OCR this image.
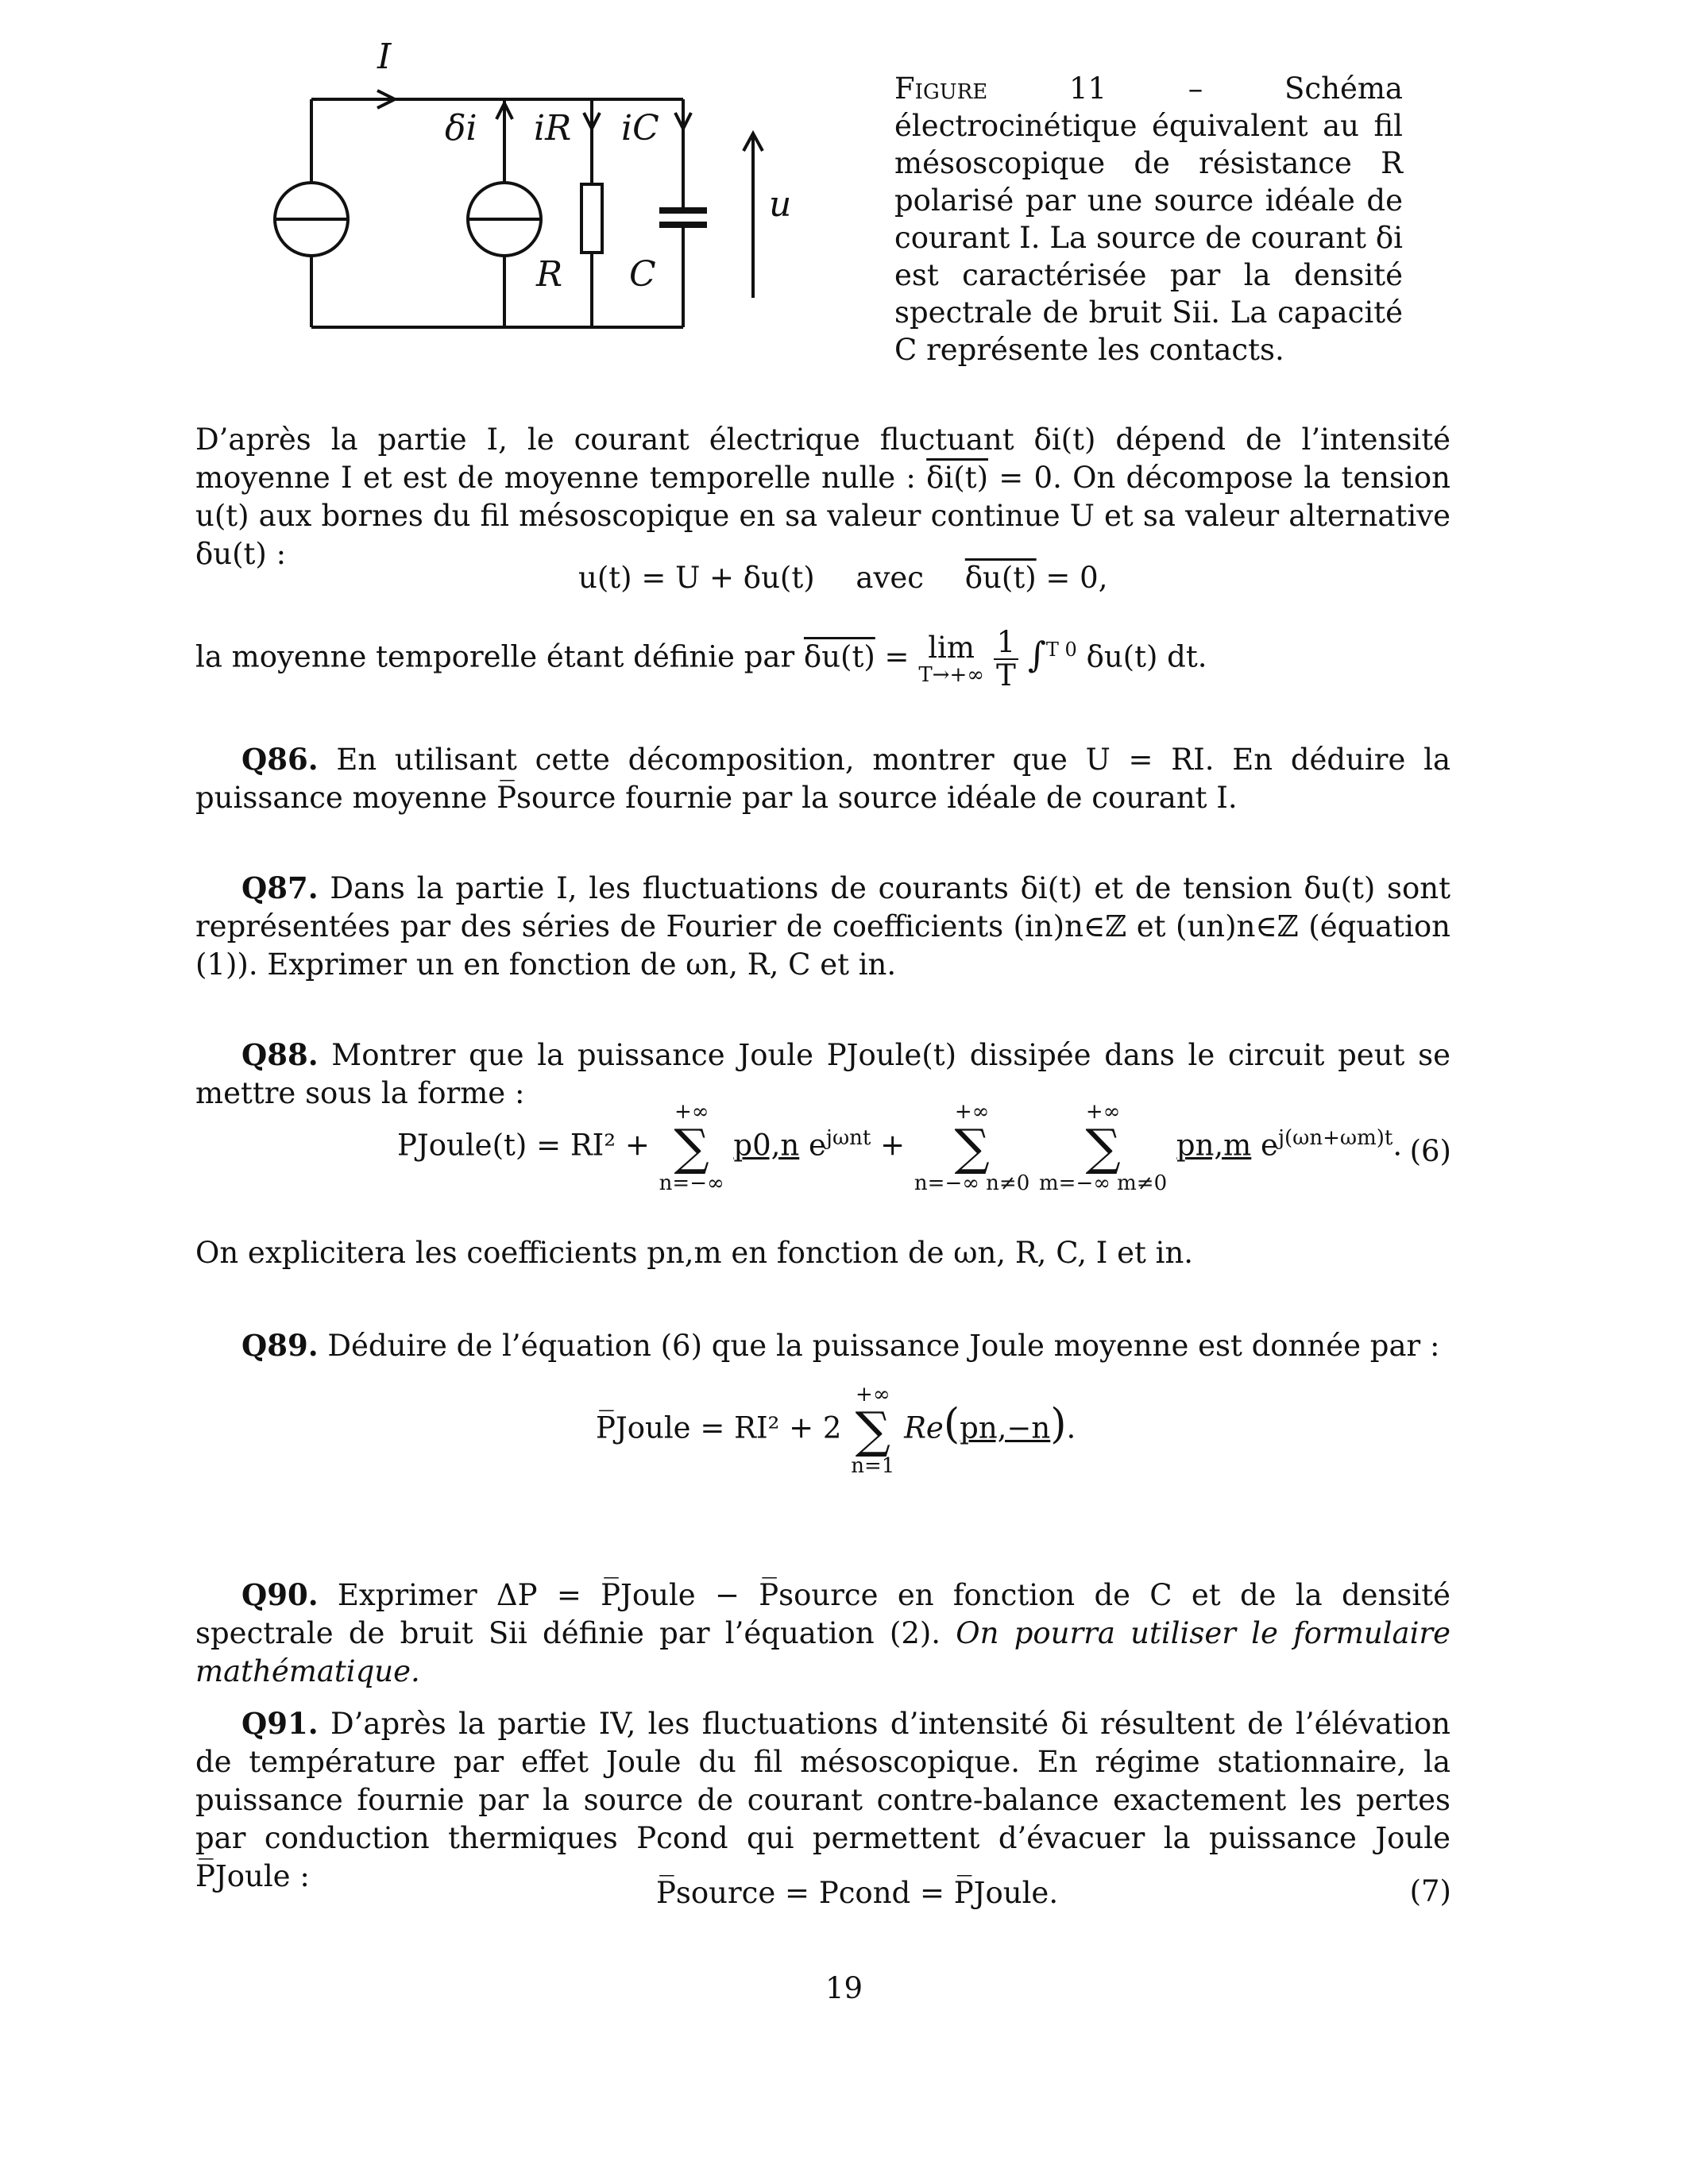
I
δi iR iC
R C
u
Figure 11 – Schéma électrocinétique équivalent au fil mésoscopique de résistance R polarisé par une source idéale de courant I. La source de courant δi est caractérisée par la densité spectrale de bruit Sii. La capacité C représente les contacts.
D’après la partie I, le courant électrique fluctuant δi(t) dépend de l’intensité moyenne I et est de moyenne temporelle nulle : δi(t) = 0. On décompose la tension u(t) aux bornes du fil mésoscopique en sa valeur continue U et sa valeur alternative δu(t) :
u(t) = U + δu(t) avec δu(t) = 0,
la moyenne temporelle étant définie par δu(t) = lim
T→+∞
$\frac{1}{T} \int^{T 0}$ δu(t) dt.
Q86. En utilisant cette décomposition, montrer que U = RI. En déduire la puissance moyenne P̅source fournie par la source idéale de courant I.
Q87. Dans la partie I, les fluctuations de courants δi(t) et de tension δu(t) sont représentées par des séries de Fourier de coefficients (in)n∈ℤ et (un)n∈ℤ (équation (1)). Exprimer un en fonction de ωn, R, C et in.
Q88. Montrer que la puissance Joule PJoule(t) dissipée dans le circuit peut se mettre sous la forme :
PJoule(t) = RI² +
+∞
∑
n=−∞
p0,n $e^{j\omega nt}$ +
+∞
∑
n=−∞ n≠0

+∞
∑
m=−∞ m≠0
pn,m $e^{j(\omega n+\omega m)t}$. (6)
On explicitera les coefficients pn,m en fonction de ωn, R, C, I et in.
Q89. Déduire de l’équation (6) que la puissance Joule moyenne est donnée par :
P̅Joule = RI² + 2
+∞
∑
n=1
Re(pn,−n).
Q90. Exprimer ΔP = P̅Joule − P̅source en fonction de C et de la densité spectrale de bruit Sii définie par l’équation (2). On pourra utiliser le formulaire mathématique.
Q91. D’après la partie IV, les fluctuations d’intensité δi résultent de l’élévation de température par effet Joule du fil mésoscopique. En régime stationnaire, la puissance fournie par la source de courant contre-balance exactement les pertes par conduction thermiques Pcond qui permettent d’évacuer la puissance Joule P̅Joule :	P̅source = Pcond = P̅Joule.	(7)
19
